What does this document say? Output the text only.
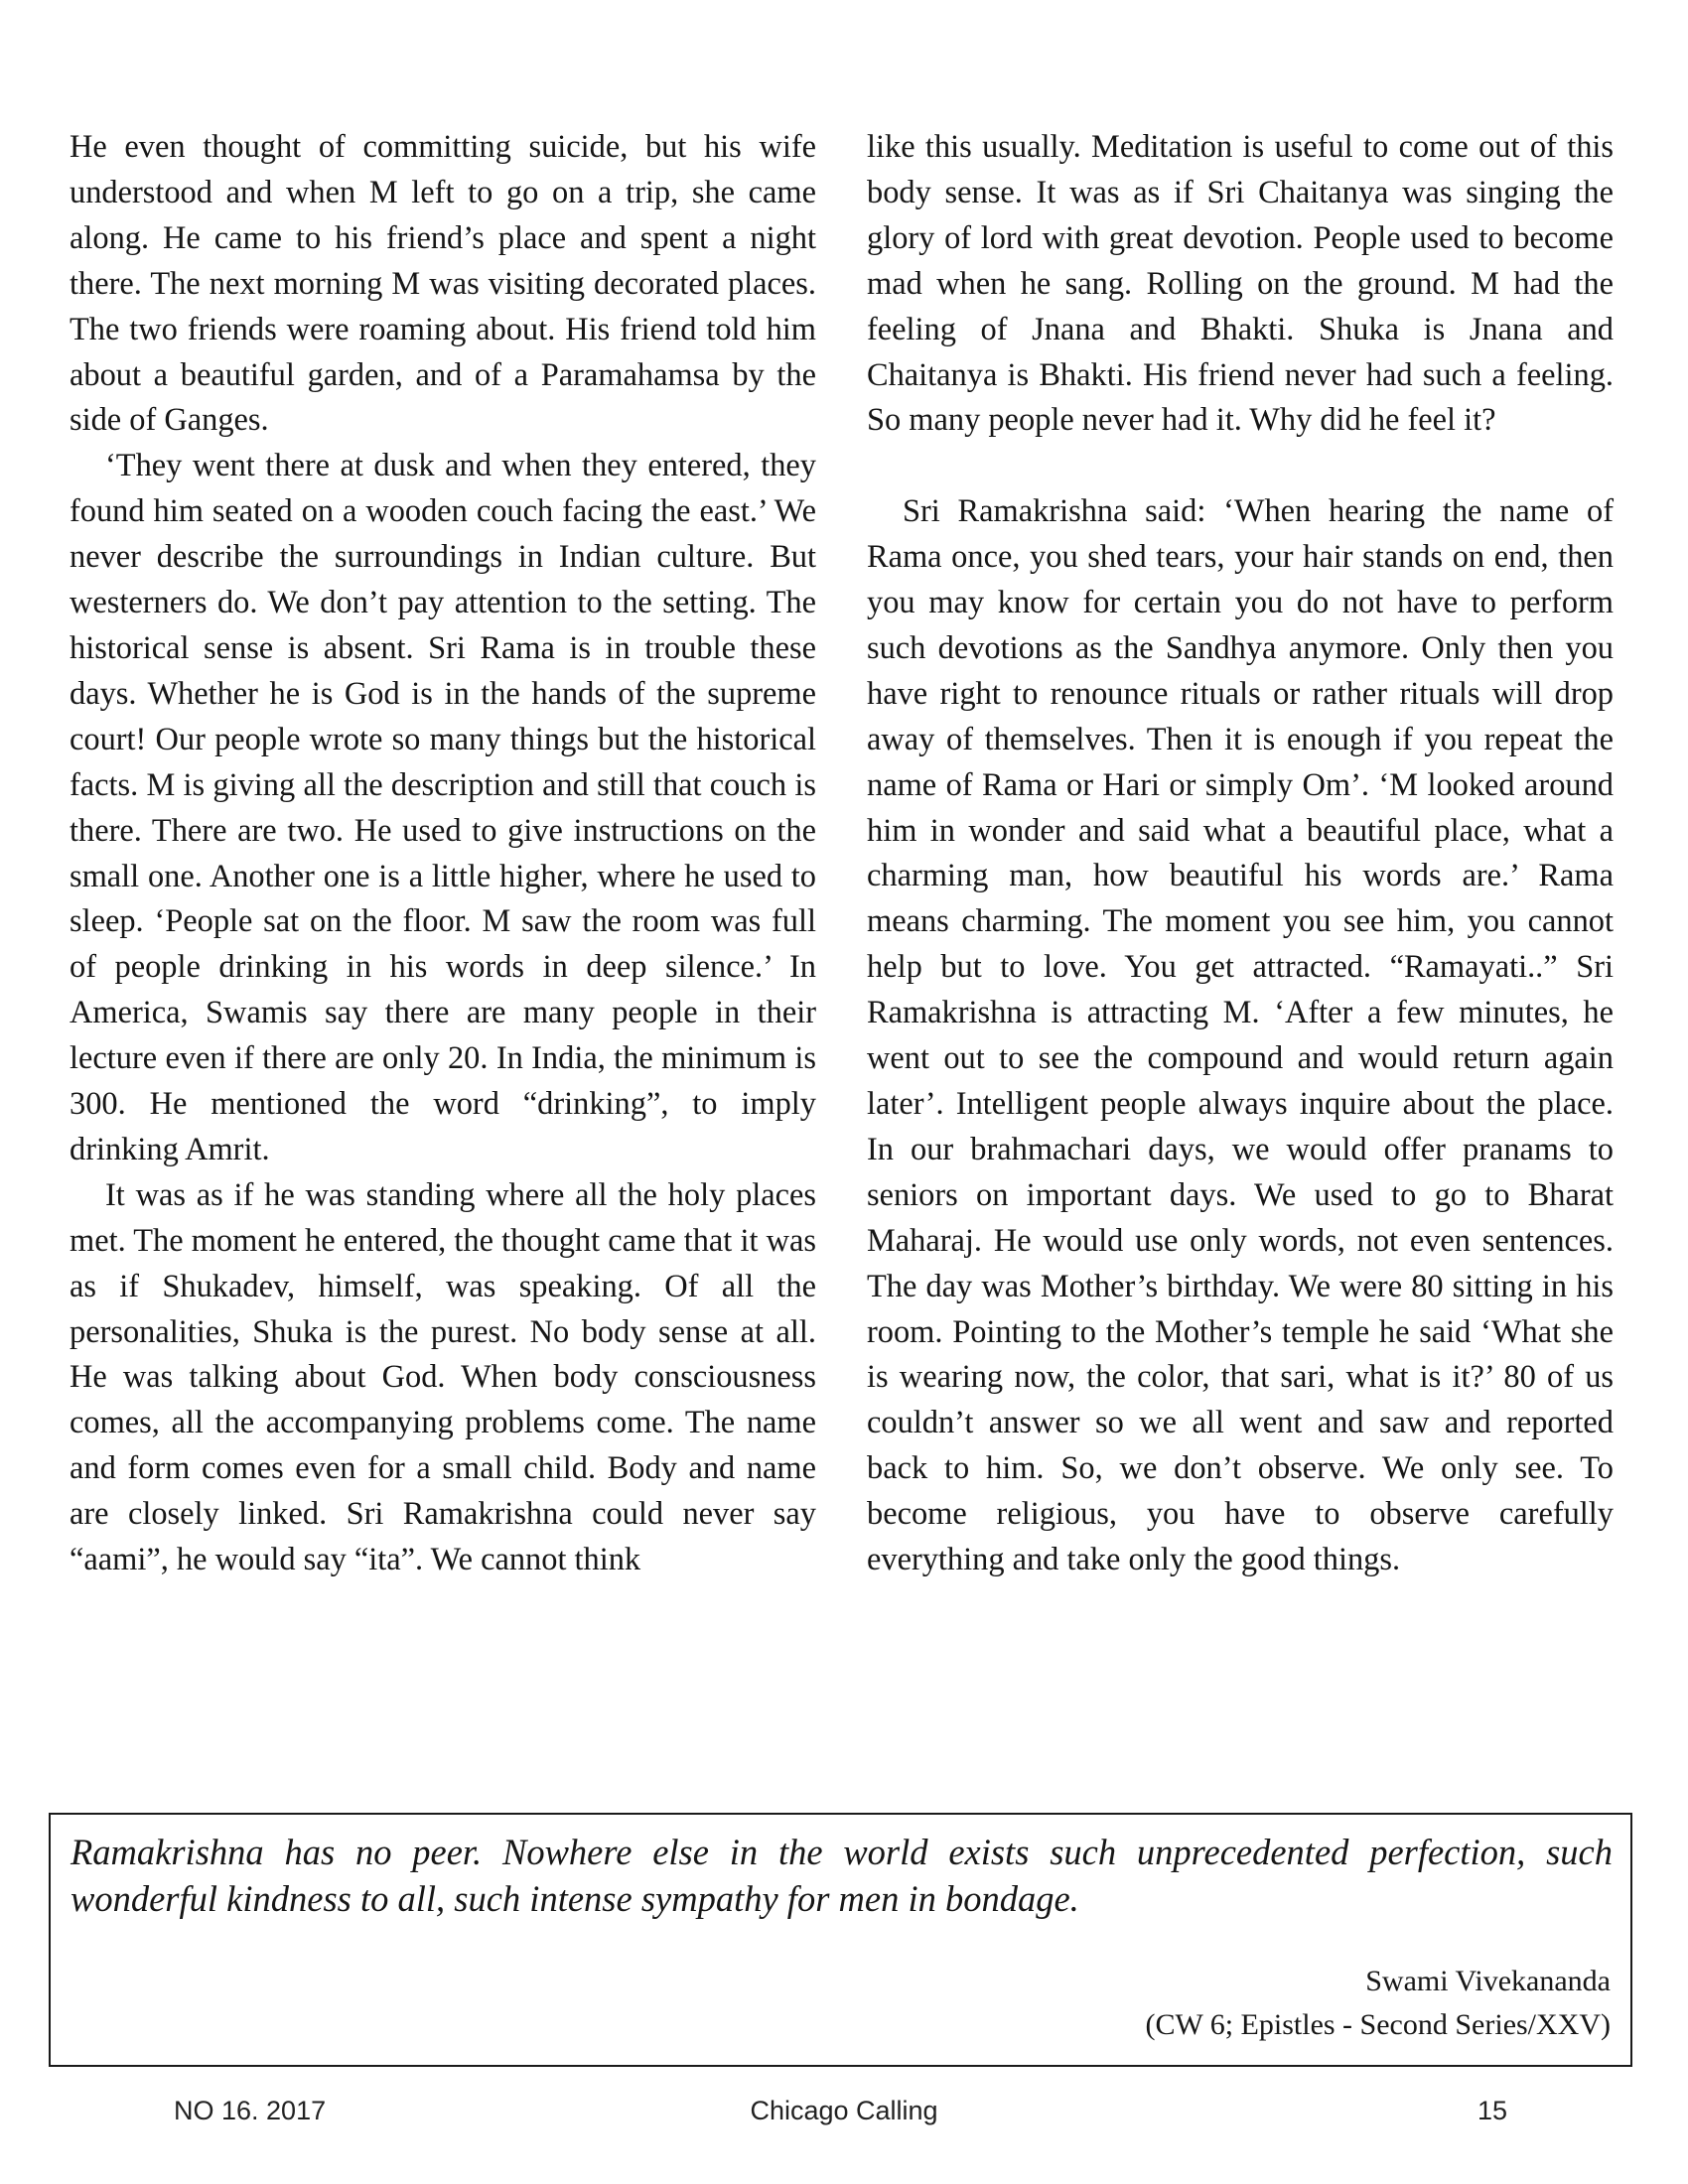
He even thought of committing suicide, but his wife understood and when M left to go on a trip, she came along. He came to his friend’s place and spent a night there. The next morning M was visiting decorated places. The two friends were roaming about. His friend told him about a beautiful garden, and of a Paramahamsa by the side of Ganges.

‘They went there at dusk and when they entered, they found him seated on a wooden couch facing the east.’ We never describe the surroundings in Indian culture. But westerners do. We don’t pay attention to the setting. The historical sense is absent. Sri Rama is in trouble these days. Whether he is God is in the hands of the supreme court! Our people wrote so many things but the historical facts. M is giving all the description and still that couch is there. There are two. He used to give instructions on the small one. Another one is a little higher, where he used to sleep. ‘People sat on the floor. M saw the room was full of people drinking in his words in deep silence.’ In America, Swamis say there are many people in their lecture even if there are only 20. In India, the minimum is 300. He mentioned the word “drinking”, to imply drinking Amrit.

It was as if he was standing where all the holy places met. The moment he entered, the thought came that it was as if Shukadev, himself, was speaking. Of all the personalities, Shuka is the purest. No body sense at all. He was talking about God. When body consciousness comes, all the accompanying problems come. The name and form comes even for a small child. Body and name are closely linked. Sri Ramakrishna could never say “aami”, he would say “ita”. We cannot think

like this usually. Meditation is useful to come out of this body sense. It was as if Sri Chaitanya was singing the glory of lord with great devotion. People used to become mad when he sang. Rolling on the ground. M had the feeling of Jnana and Bhakti. Shuka is Jnana and Chaitanya is Bhakti. His friend never had such a feeling. So many people never had it. Why did he feel it?

Sri Ramakrishna said: ‘When hearing the name of Rama once, you shed tears, your hair stands on end, then you may know for certain you do not have to perform such devotions as the Sandhya anymore. Only then you have right to renounce rituals or rather rituals will drop away of themselves. Then it is enough if you repeat the name of Rama or Hari or simply Om’. ‘M looked around him in wonder and said what a beautiful place, what a charming man, how beautiful his words are.’ Rama means charming. The moment you see him, you cannot help but to love. You get attracted. “Ramayati..” Sri Ramakrishna is attracting M. ‘After a few minutes, he went out to see the compound and would return again later’. Intelligent people always inquire about the place. In our brahmachari days, we would offer pranams to seniors on important days. We used to go to Bharat Maharaj. He would use only words, not even sentences. The day was Mother’s birthday. We were 80 sitting in his room. Pointing to the Mother’s temple he said ‘What she is wearing now, the color, that sari, what is it?’ 80 of us couldn’t answer so we all went and saw and reported back to him. So, we don’t observe. We only see. To become religious, you have to observe carefully everything and take only the good things.

Ramakrishna has no peer. Nowhere else in the world exists such unprecedented perfection, such wonderful kindness to all, such intense sympathy for men in bondage.
Swami Vivekananda
(CW 6; Epistles - Second Series/XXV)
NO 16. 2017	Chicago Calling	15
